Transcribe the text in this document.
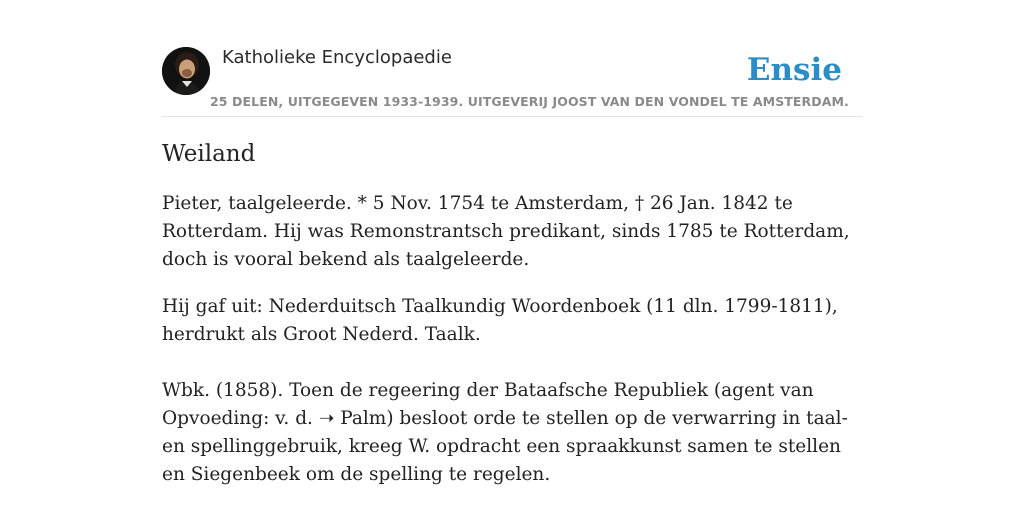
Katholieke Encyclopaedie
25 DELEN, UITGEGEVEN 1933-1939. UITGEVERIJ JOOST VAN DEN VONDEL TE AMSTERDAM.
Ensie
Weiland

Pieter, taalgeleerde. * 5 Nov. 1754 te Amsterdam, † 26 Jan. 1842 te Rotterdam. Hij was Remonstrantsch predikant, sinds 1785 te Rotterdam, doch is vooral bekend als taalgeleerde.

Hij gaf uit: Nederduitsch Taalkundig Woordenboek (11 dln. 1799-1811), herdrukt als Groot Nederd. Taalk.

Wbk. (1858). Toen de regeering der Bataafsche Republiek (agent van Opvoeding: v. d. ➝ Palm) besloot orde te stellen op de verwarring in taal- en spellinggebruik, kreeg W. opdracht een spraakkunst samen te stellen en Siegenbeek om de spelling te regelen.
